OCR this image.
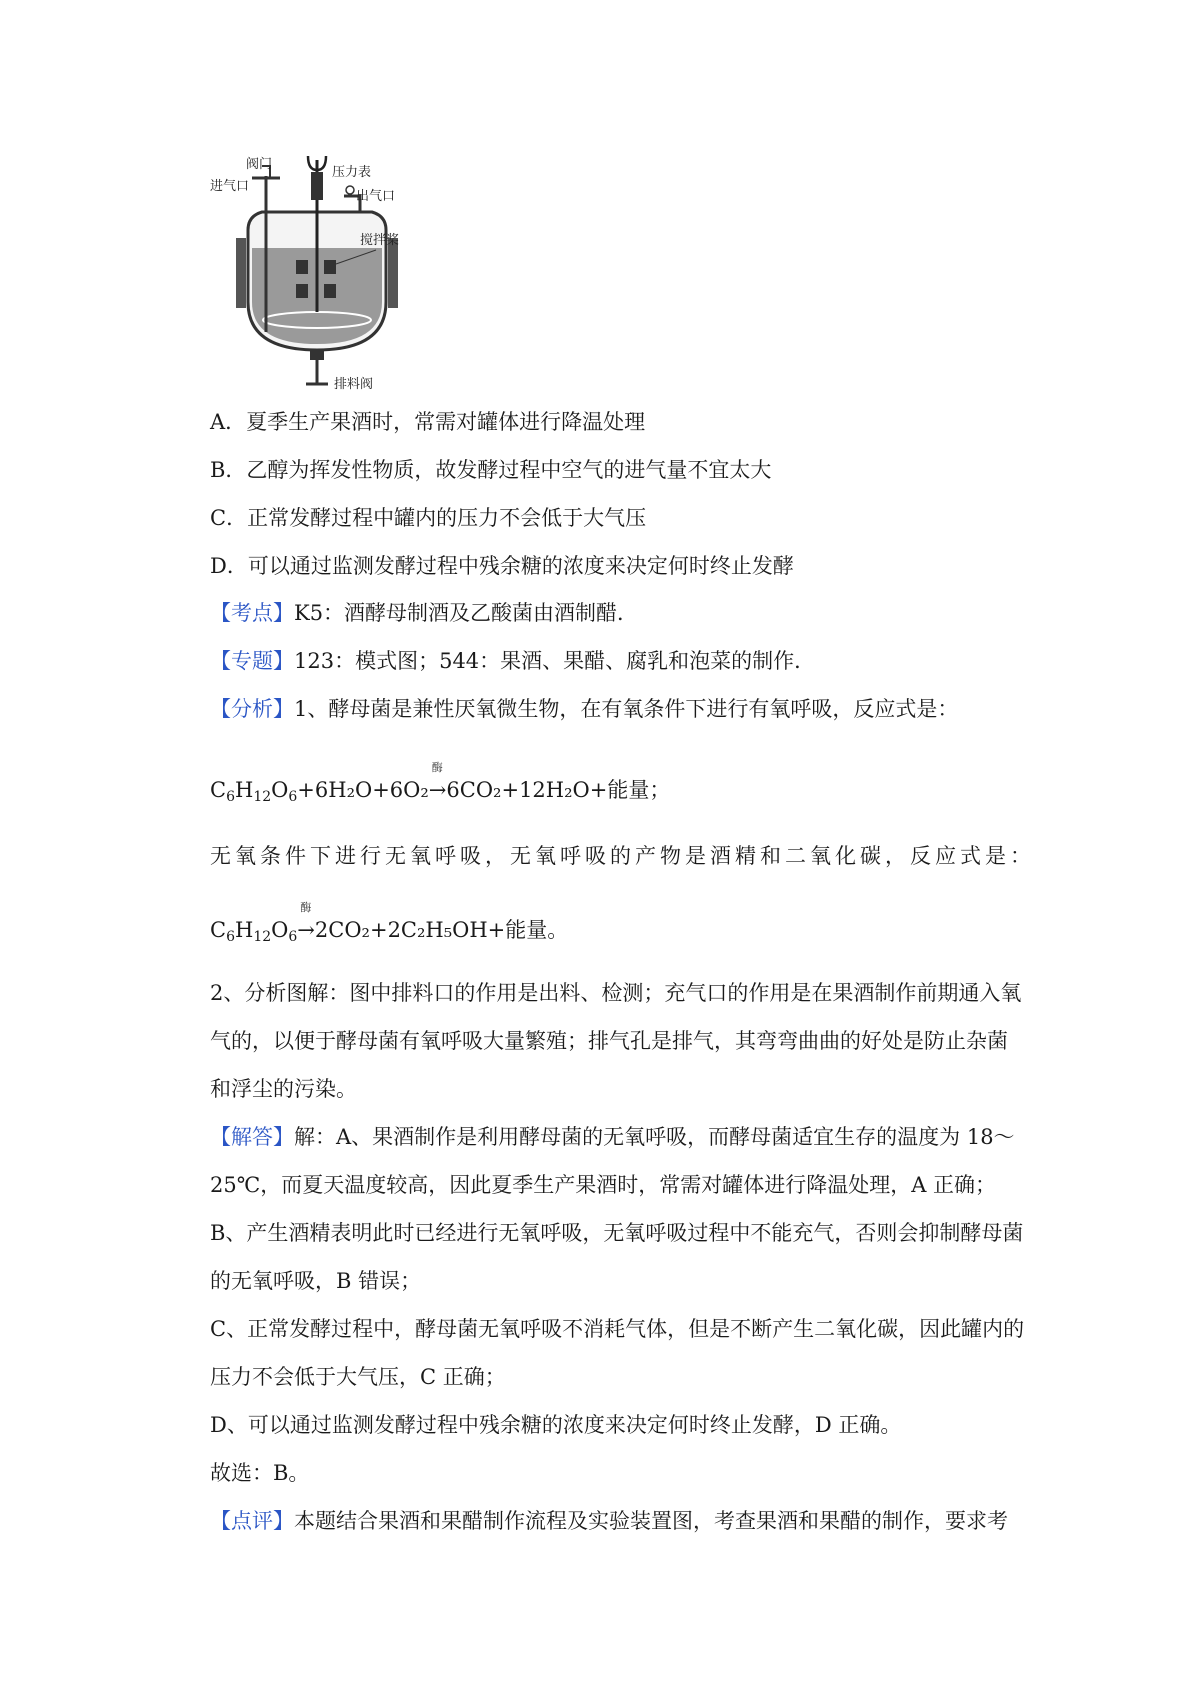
阀门
进气口
压力表
出气口
搅拌桨
排料阀
A．夏季生产果酒时，常需对罐体进行降温处理
B．乙醇为挥发性物质，故发酵过程中空气的进气量不宜太大
C．正常发酵过程中罐内的压力不会低于大气压
D．可以通过监测发酵过程中残余糖的浓度来决定何时终止发酵
【考点】K5：酒酵母制酒及乙酸菌由酒制醋．
【专题】123：模式图；544：果酒、果醋、腐乳和泡菜的制作．
【分析】1、酵母菌是兼性厌氧微生物，在有氧条件下进行有氧呼吸，反应式是：
$C_6H_{12}O_6+6H_2O+6O_2$
酶
→6CO₂+12H₂O+能量；
无氧条件下进行无氧呼吸，无氧呼吸的产物是酒精和二氧化碳，反应式是：
$C_6H_{12}O_6$
酶
→2CO₂+2C₂H₅OH+能量。
2、分析图解：图中排料口的作用是出料、检测；充气口的作用是在果酒制作前期通入氧
气的，以便于酵母菌有氧呼吸大量繁殖；排气孔是排气，其弯弯曲曲的好处是防止杂菌
和浮尘的污染。
【解答】解：A、果酒制作是利用酵母菌的无氧呼吸，而酵母菌适宜生存的温度为 18～
25℃，而夏天温度较高，因此夏季生产果酒时，常需对罐体进行降温处理，A 正确；
B、产生酒精表明此时已经进行无氧呼吸，无氧呼吸过程中不能充气，否则会抑制酵母菌
的无氧呼吸，B 错误；
C、正常发酵过程中，酵母菌无氧呼吸不消耗气体，但是不断产生二氧化碳，因此罐内的
压力不会低于大气压，C 正确；
D、可以通过监测发酵过程中残余糖的浓度来决定何时终止发酵，D 正确。
故选：B。
【点评】本题结合果酒和果醋制作流程及实验装置图，考查果酒和果醋的制作，要求考
